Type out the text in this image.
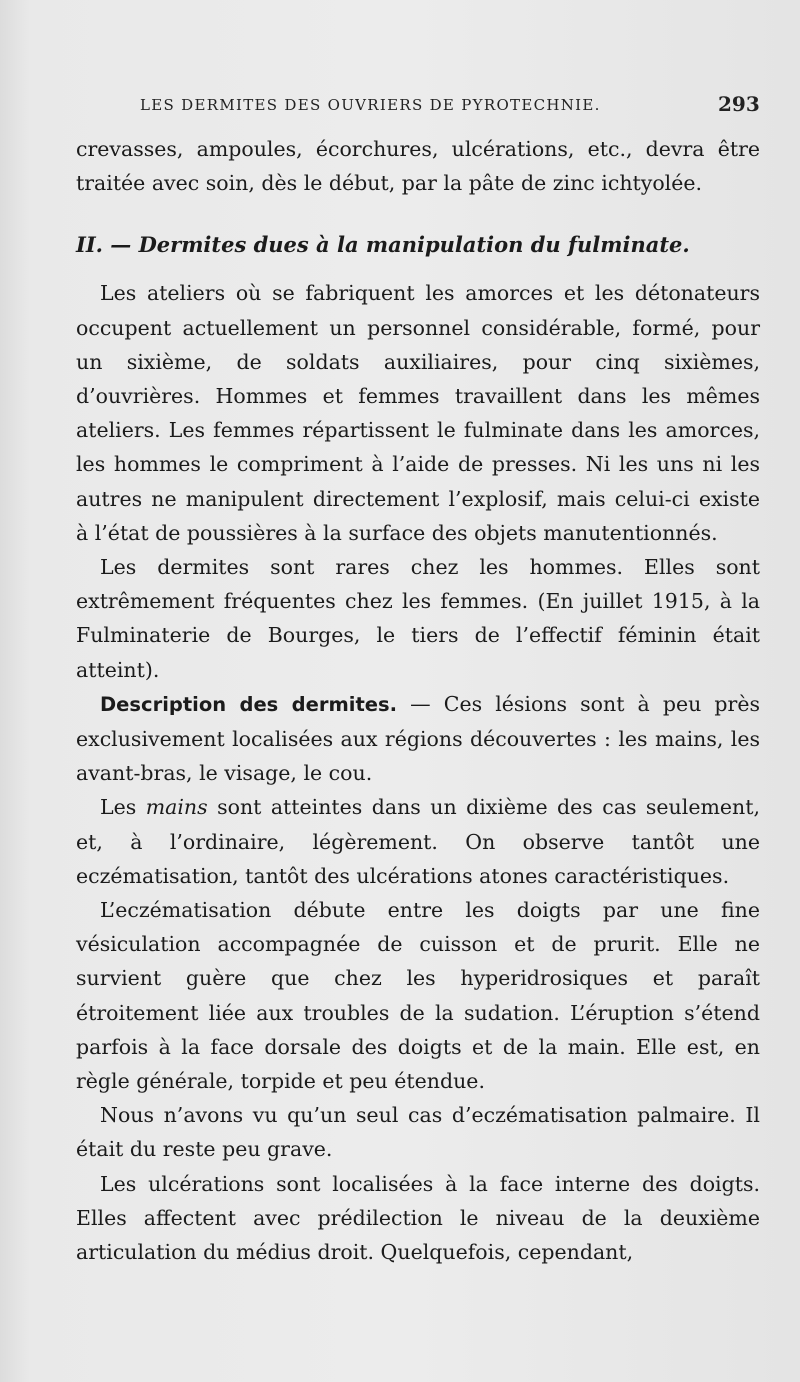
LES DERMITES DES OUVRIERS DE PYROTECHNIE.	293

crevasses, ampoules, écorchures, ulcérations, etc., devra être traitée avec soin, dès le début, par la pâte de zinc ichtyolée.

II. — Dermites dues à la manipulation du fulminate.

Les ateliers où se fabriquent les amorces et les détonateurs occupent actuellement un personnel considérable, formé, pour un sixième, de soldats auxiliaires, pour cinq sixièmes, d’ouvrières. Hommes et femmes travaillent dans les mêmes ateliers. Les femmes répartissent le fulminate dans les amorces, les hommes le compriment à l’aide de presses. Ni les uns ni les autres ne manipulent directement l’explosif, mais celui-ci existe à l’état de poussières à la surface des objets manutentionnés.

Les dermites sont rares chez les hommes. Elles sont extrêmement fréquentes chez les femmes. (En juillet 1915, à la Fulminaterie de Bourges, le tiers de l’effectif féminin était atteint).

Description des dermites. — Ces lésions sont à peu près exclusivement localisées aux régions découvertes : les mains, les avant-bras, le visage, le cou.

Les mains sont atteintes dans un dixième des cas seulement, et, à l’ordinaire, légèrement. On observe tantôt une eczématisation, tantôt des ulcérations atones caractéristiques.

L’eczématisation débute entre les doigts par une fine vésiculation accompagnée de cuisson et de prurit. Elle ne survient guère que chez les hyperidrosiques et paraît étroitement liée aux troubles de la sudation. L’éruption s’étend parfois à la face dorsale des doigts et de la main. Elle est, en règle générale, torpide et peu étendue.

Nous n’avons vu qu’un seul cas d’eczématisation palmaire. Il était du reste peu grave.

Les ulcérations sont localisées à la face interne des doigts. Elles affectent avec prédilection le niveau de la deuxième articulation du médius droit. Quelquefois, cependant,
